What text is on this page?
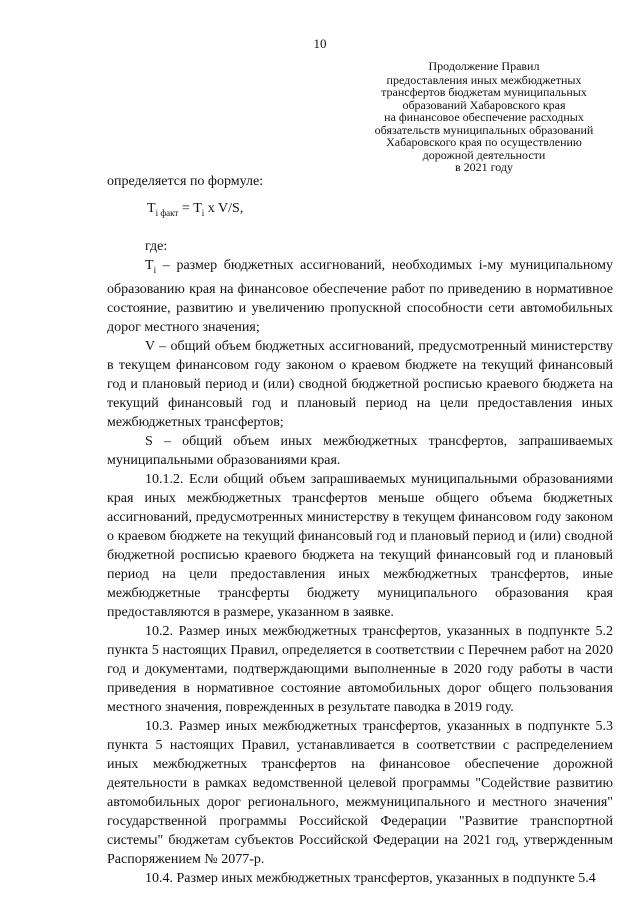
10
Продолжение Правил
предоставления иных межбюджетных
трансфертов бюджетам муниципальных
образований Хабаровского края
на финансовое обеспечение расходных
обязательств муниципальных образований
Хабаровского края по осуществлению
дорожной деятельности
в 2021 году

определяется по формуле:

$T_{i факт} = T_i$ x V/S,

где:

$T_i$ – размер бюджетных ассигнований, необходимых i-му муниципальному образованию края на финансовое обеспечение работ по приведению в нормативное состояние, развитию и увеличению пропускной способности сети автомобильных дорог местного значения;

V – общий объем бюджетных ассигнований, предусмотренный министерству в текущем финансовом году законом о краевом бюджете на текущий финансовый год и плановый период и (или) сводной бюджетной росписью краевого бюджета на текущий финансовый год и плановый период на цели предоставления иных межбюджетных трансфертов;

S – общий объем иных межбюджетных трансфертов, запрашиваемых муниципальными образованиями края.

10.1.2. Если общий объем запрашиваемых муниципальными образованиями края иных межбюджетных трансфертов меньше общего объема бюджетных ассигнований, предусмотренных министерству в текущем финансовом году законом о краевом бюджете на текущий финансовый год и плановый период и (или) сводной бюджетной росписью краевого бюджета на текущий финансовый год и плановый период на цели предоставления иных межбюджетных трансфертов, иные межбюджетные трансферты бюджету муниципального образования края предоставляются в размере, указанном в заявке.

10.2. Размер иных межбюджетных трансфертов, указанных в подпункте 5.2 пункта 5 настоящих Правил, определяется в соответствии с Перечнем работ на 2020 год и документами, подтверждающими выполненные в 2020 году работы в части приведения в нормативное состояние автомобильных дорог общего пользования местного значения, поврежденных в результате паводка в 2019 году.

10.3. Размер иных межбюджетных трансфертов, указанных в подпункте 5.3 пункта 5 настоящих Правил, устанавливается в соответствии с распределением иных межбюджетных трансфертов на финансовое обеспечение дорожной деятельности в рамках ведомственной целевой программы "Содействие развитию автомобильных дорог регионального, межмуниципального и местного значения" государственной программы Российской Федерации "Развитие транспортной системы" бюджетам субъектов Российской Федерации на 2021 год, утвержденным Распоряжением № 2077-р.

10.4. Размер иных межбюджетных трансфертов, указанных в подпункте 5.4
